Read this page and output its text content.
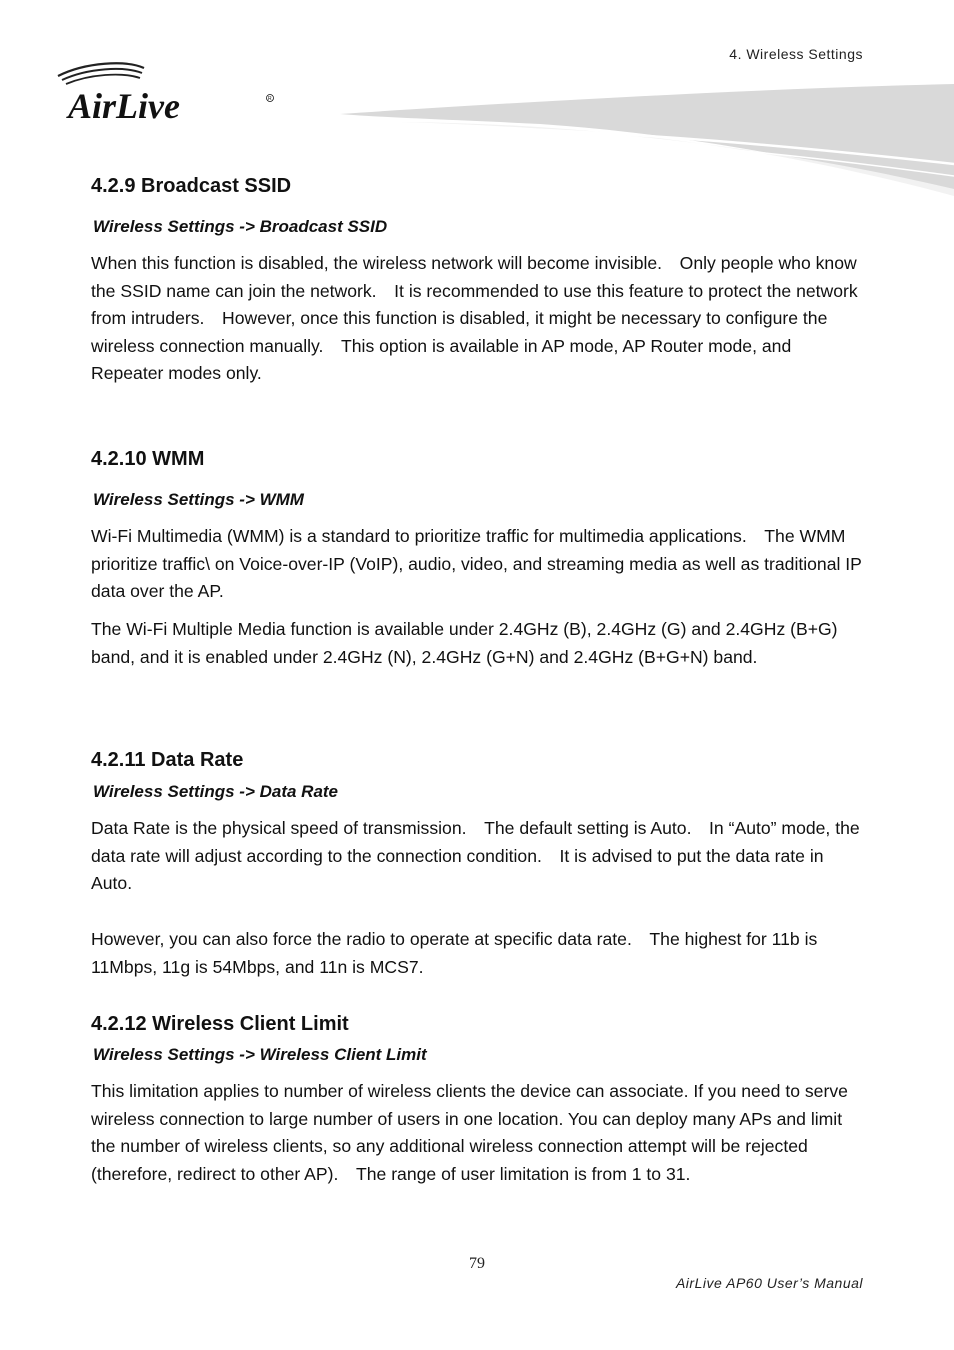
4. Wireless Settings
AirLive	R
4.2.9 Broadcast SSID

Wireless Settings -> Broadcast SSID

When this function is disabled, the wireless network will become invisible. Only people who know the SSID name can join the network. It is recommended to use this feature to protect the network from intruders. However, once this function is disabled, it might be necessary to configure the wireless connection manually. This option is available in AP mode, AP Router mode, and Repeater modes only.

4.2.10 WMM

Wireless Settings -> WMM

Wi-Fi Multimedia (WMM) is a standard to prioritize traffic for multimedia applications. The WMM prioritize traffic\ on Voice-over-IP (VoIP), audio, video, and streaming media as well as traditional IP data over the AP.

The Wi-Fi Multiple Media function is available under 2.4GHz (B), 2.4GHz (G) and 2.4GHz (B+G) band, and it is enabled under 2.4GHz (N), 2.4GHz (G+N) and 2.4GHz (B+G+N) band.

4.2.11 Data Rate

Wireless Settings -> Data Rate

Data Rate is the physical speed of transmission. The default setting is Auto. In “Auto” mode, the data rate will adjust according to the connection condition. It is advised to put the data rate in Auto.

However, you can also force the radio to operate at specific data rate. The highest for 11b is 11Mbps, 11g is 54Mbps, and 11n is MCS7.

4.2.12 Wireless Client Limit

Wireless Settings -> Wireless Client Limit

This limitation applies to number of wireless clients the device can associate. If you need to serve wireless connection to large number of users in one location. You can deploy many APs and limit the number of wireless clients, so any additional wireless connection attempt will be rejected (therefore, redirect to other AP). The range of user limitation is from 1 to 31.

79
AirLive AP60 User’s Manual
